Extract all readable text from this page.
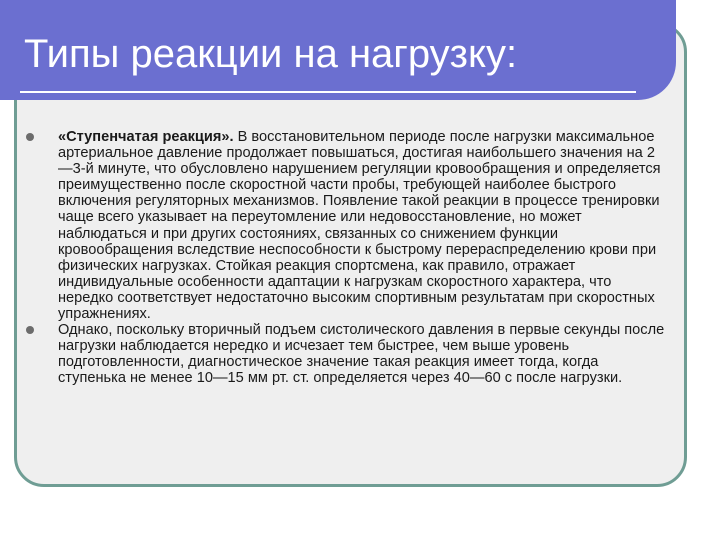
Типы реакции на нагрузку:

«Ступенчатая реакция». В восстановительном периоде после нагрузки максимальное артериальное давление продолжает повышаться, достигая наибольшего значения на 2—3-й минуте, что обусловлено нарушением регуляции кровообращения и определяется преимущественно после скоростной части пробы, требующей наиболее быстрого включения регуляторных механизмов. Появление такой реакции в процессе тренировки чаще всего указывает на переутомление или недовосстановление, но может наблюдаться и при других состояниях, связанных со снижением функции кровообращения вследствие неспособности к быстрому перераспределению крови при физических нагрузках. Стойкая реакция спортсмена, как правило, отражает индивидуальные особенности адаптации к нагрузкам скоростного характера, что нередко соответствует недостаточно высоким спортивным результатам при скоростных упражнениях.

Однако, поскольку вторичный подъем систолического давления в первые секунды после нагрузки наблюдается нередко и исчезает тем быстрее, чем выше уровень подготовленности, диагностическое значение такая реакция имеет тогда, когда ступенька не менее 10—15 мм рт. ст. определяется через 40—60 с после нагрузки.
